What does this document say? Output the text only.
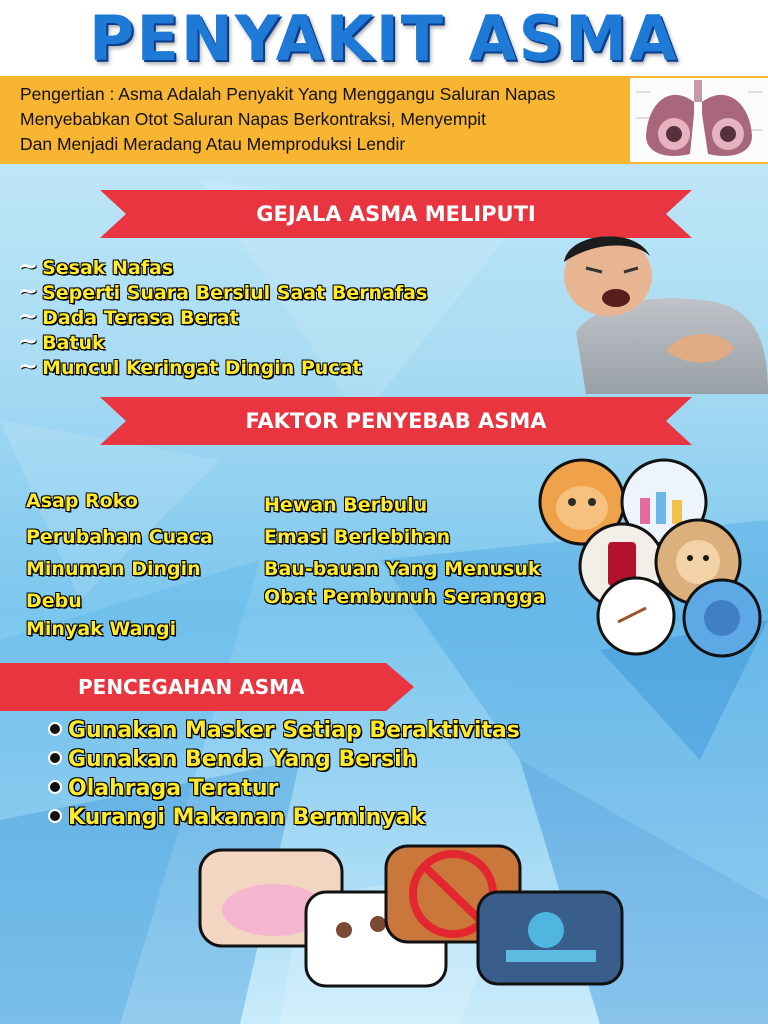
PENYAKIT ASMA
Pengertian : Asma Adalah Penyakit Yang Menggangu Saluran Napas
Menyebabkan Otot Saluran Napas Berkontraksi, Menyempit
Dan Menjadi Meradang Atau Memproduksi Lendir
GEJALA ASMA MELIPUTI
~ Sesak Nafas
~ Seperti Suara Bersiul Saat Bernafas
~ Dada Terasa Berat
~ Batuk
~ Muncul Keringat Dingin Pucat
FAKTOR PENYEBAB ASMA
Asap Roko
Perubahan Cuaca
Minuman Dingin
Debu
Minyak Wangi
Hewan Berbulu
Emasi Berlebihan
Bau-bauan Yang Menusuk
Obat Pembunuh Serangga
PENCEGAHAN ASMA
Gunakan Masker Setiap Beraktivitas
Gunakan Benda Yang Bersih
Olahraga Teratur
Kurangi Makanan Berminyak
